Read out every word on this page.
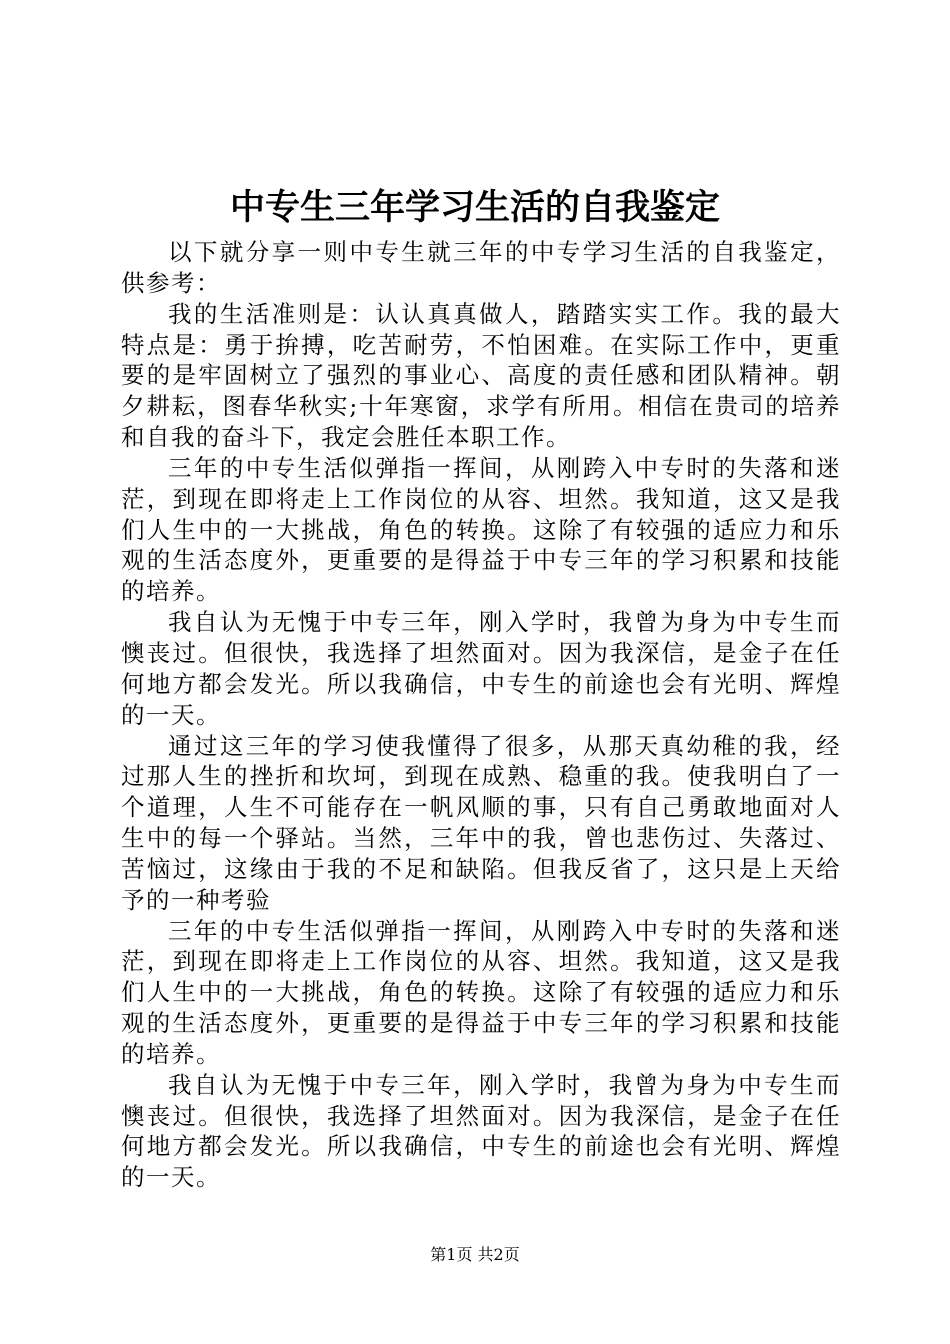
中专生三年学习生活的自我鉴定

以下就分享一则中专生就三年的中专学习生活的自我鉴定，供参考：

我的生活准则是：认认真真做人，踏踏实实工作。我的最大特点是：勇于拚搏，吃苦耐劳，不怕困难。在实际工作中，更重要的是牢固树立了强烈的事业心、高度的责任感和团队精神。朝夕耕耘，图春华秋实;十年寒窗，求学有所用。相信在贵司的培养和自我的奋斗下，我定会胜任本职工作。

三年的中专生活似弹指一挥间，从刚跨入中专时的失落和迷茫，到现在即将走上工作岗位的从容、坦然。我知道，这又是我们人生中的一大挑战，角色的转换。这除了有较强的适应力和乐观的生活态度外，更重要的是得益于中专三年的学习积累和技能的培养。

我自认为无愧于中专三年，刚入学时，我曾为身为中专生而懊丧过。但很快，我选择了坦然面对。因为我深信，是金子在任何地方都会发光。所以我确信，中专生的前途也会有光明、辉煌的一天。

通过这三年的学习使我懂得了很多，从那天真幼稚的我，经过那人生的挫折和坎坷，到现在成熟、稳重的我。使我明白了一个道理，人生不可能存在一帆风顺的事，只有自己勇敢地面对人生中的每一个驿站。当然，三年中的我，曾也悲伤过、失落过、苦恼过，这缘由于我的不足和缺陷。但我反省了，这只是上天给予的一种考验

三年的中专生活似弹指一挥间，从刚跨入中专时的失落和迷茫，到现在即将走上工作岗位的从容、坦然。我知道，这又是我们人生中的一大挑战，角色的转换。这除了有较强的适应力和乐观的生活态度外，更重要的是得益于中专三年的学习积累和技能的培养。

我自认为无愧于中专三年，刚入学时，我曾为身为中专生而懊丧过。但很快，我选择了坦然面对。因为我深信，是金子在任何地方都会发光。所以我确信，中专生的前途也会有光明、辉煌的一天。

第1页 共2页
